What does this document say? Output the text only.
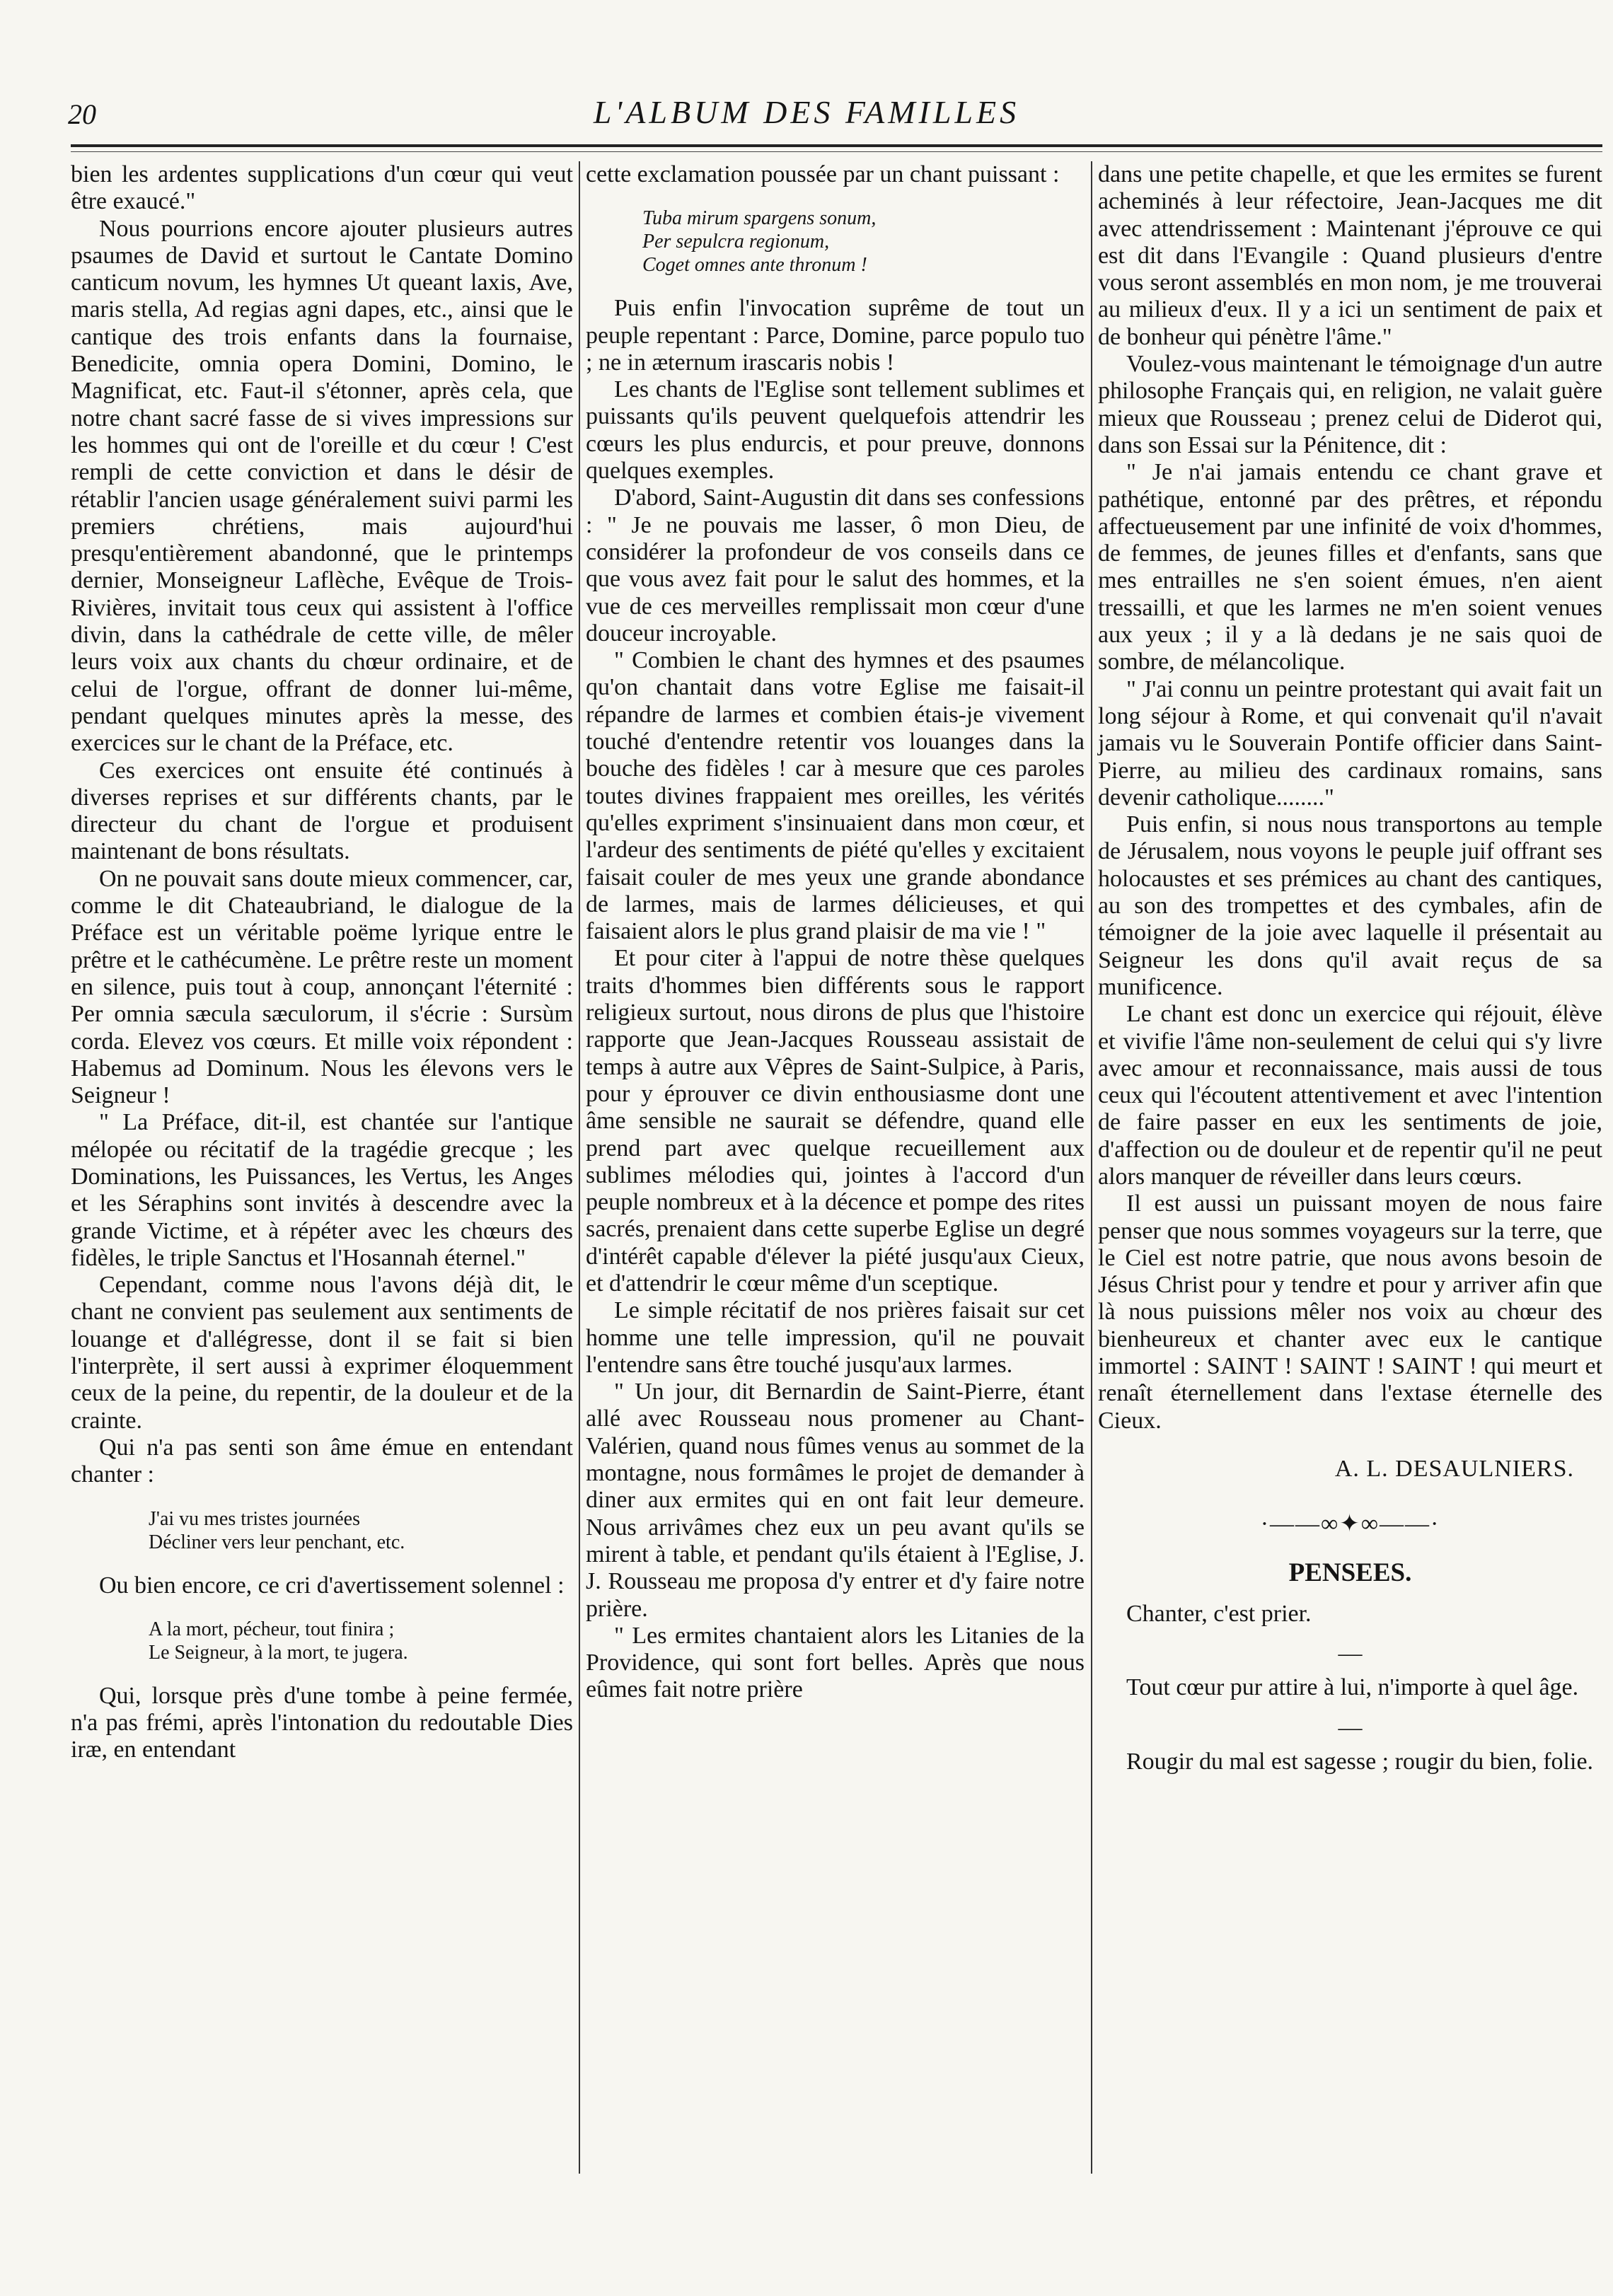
20	L'ALBUM DES FAMILLES

bien les ardentes supplications d'un cœur qui veut être exaucé."

Nous pourrions encore ajouter plusieurs autres psaumes de David et surtout le Cantate Domino canticum novum, les hymnes Ut queant laxis, Ave, maris stella, Ad regias agni dapes, etc., ainsi que le cantique des trois enfants dans la fournaise, Benedicite, omnia opera Domini, Domino, le Magnificat, etc. Faut-il s'étonner, après cela, que notre chant sacré fasse de si vives impressions sur les hommes qui ont de l'oreille et du cœur ! C'est rempli de cette conviction et dans le désir de rétablir l'ancien usage généralement suivi parmi les premiers chrétiens, mais aujourd'hui presqu'entièrement abandonné, que le printemps dernier, Monseigneur Laflèche, Evêque de Trois-Rivières, invitait tous ceux qui assistent à l'office divin, dans la cathédrale de cette ville, de mêler leurs voix aux chants du chœur ordinaire, et de celui de l'orgue, offrant de donner lui-même, pendant quelques minutes après la messe, des exercices sur le chant de la Préface, etc.

Ces exercices ont ensuite été continués à diverses reprises et sur différents chants, par le directeur du chant de l'orgue et produisent maintenant de bons résultats.

On ne pouvait sans doute mieux commencer, car, comme le dit Chateaubriand, le dialogue de la Préface est un véritable poëme lyrique entre le prêtre et le cathécumène. Le prêtre reste un moment en silence, puis tout à coup, annonçant l'éternité : Per omnia sæcula sæculorum, il s'écrie : Sursùm corda. Elevez vos cœurs. Et mille voix répondent : Habemus ad Dominum. Nous les élevons vers le Seigneur !

" La Préface, dit-il, est chantée sur l'antique mélopée ou récitatif de la tragédie grecque ; les Dominations, les Puissances, les Vertus, les Anges et les Séraphins sont invités à descendre avec la grande Victime, et à répéter avec les chœurs des fidèles, le triple Sanctus et l'Hosannah éternel."

Cependant, comme nous l'avons déjà dit, le chant ne convient pas seulement aux sentiments de louange et d'allégresse, dont il se fait si bien l'interprète, il sert aussi à exprimer éloquemment ceux de la peine, du repentir, de la douleur et de la crainte.

Qui n'a pas senti son âme émue en entendant chanter :

J'ai vu mes tristes journées
Décliner vers leur penchant, etc.

Ou bien encore, ce cri d'avertissement solennel :

A la mort, pécheur, tout finira ;
Le Seigneur, à la mort, te jugera.

Qui, lorsque près d'une tombe à peine fermée, n'a pas frémi, après l'intonation du redoutable Dies iræ, en entendant

cette exclamation poussée par un chant puissant :

Tuba mirum spargens sonum,
Per sepulcra regionum,
Coget omnes ante thronum !

Puis enfin l'invocation suprême de tout un peuple repentant : Parce, Domine, parce populo tuo ; ne in æternum irascaris nobis !

Les chants de l'Eglise sont tellement sublimes et puissants qu'ils peuvent quelquefois attendrir les cœurs les plus endurcis, et pour preuve, donnons quelques exemples.

D'abord, Saint-Augustin dit dans ses confessions : " Je ne pouvais me lasser, ô mon Dieu, de considérer la profondeur de vos conseils dans ce que vous avez fait pour le salut des hommes, et la vue de ces merveilles remplissait mon cœur d'une douceur incroyable.

" Combien le chant des hymnes et des psaumes qu'on chantait dans votre Eglise me faisait-il répandre de larmes et combien étais-je vivement touché d'entendre retentir vos louanges dans la bouche des fidèles ! car à mesure que ces paroles toutes divines frappaient mes oreilles, les vérités qu'elles expriment s'insinuaient dans mon cœur, et l'ardeur des sentiments de piété qu'elles y excitaient faisait couler de mes yeux une grande abondance de larmes, mais de larmes délicieuses, et qui faisaient alors le plus grand plaisir de ma vie ! "

Et pour citer à l'appui de notre thèse quelques traits d'hommes bien différents sous le rapport religieux surtout, nous dirons de plus que l'histoire rapporte que Jean-Jacques Rousseau assistait de temps à autre aux Vêpres de Saint-Sulpice, à Paris, pour y éprouver ce divin enthousiasme dont une âme sensible ne saurait se défendre, quand elle prend part avec quelque recueillement aux sublimes mélodies qui, jointes à l'accord d'un peuple nombreux et à la décence et pompe des rites sacrés, prenaient dans cette superbe Eglise un degré d'intérêt capable d'élever la piété jusqu'aux Cieux, et d'attendrir le cœur même d'un sceptique.

Le simple récitatif de nos prières faisait sur cet homme une telle impression, qu'il ne pouvait l'entendre sans être touché jusqu'aux larmes.

" Un jour, dit Bernardin de Saint-Pierre, étant allé avec Rousseau nous promener au Chant-Valérien, quand nous fûmes venus au sommet de la montagne, nous formâmes le projet de demander à diner aux ermites qui en ont fait leur demeure. Nous arrivâmes chez eux un peu avant qu'ils se mirent à table, et pendant qu'ils étaient à l'Eglise, J. J. Rousseau me proposa d'y entrer et d'y faire notre prière.

" Les ermites chantaient alors les Litanies de la Providence, qui sont fort belles. Après que nous eûmes fait notre prière

dans une petite chapelle, et que les ermites se furent acheminés à leur réfectoire, Jean-Jacques me dit avec attendrissement : Maintenant j'éprouve ce qui est dit dans l'Evangile : Quand plusieurs d'entre vous seront assemblés en mon nom, je me trouverai au milieux d'eux. Il y a ici un sentiment de paix et de bonheur qui pénètre l'âme."

Voulez-vous maintenant le témoignage d'un autre philosophe Français qui, en religion, ne valait guère mieux que Rousseau ; prenez celui de Diderot qui, dans son Essai sur la Pénitence, dit :

" Je n'ai jamais entendu ce chant grave et pathétique, entonné par des prêtres, et répondu affectueusement par une infinité de voix d'hommes, de femmes, de jeunes filles et d'enfants, sans que mes entrailles ne s'en soient émues, n'en aient tressailli, et que les larmes ne m'en soient venues aux yeux ; il y a là dedans je ne sais quoi de sombre, de mélancolique.

" J'ai connu un peintre protestant qui avait fait un long séjour à Rome, et qui convenait qu'il n'avait jamais vu le Souverain Pontife officier dans Saint-Pierre, au milieu des cardinaux romains, sans devenir catholique........"

Puis enfin, si nous nous transportons au temple de Jérusalem, nous voyons le peuple juif offrant ses holocaustes et ses prémices au chant des cantiques, au son des trompettes et des cymbales, afin de témoigner de la joie avec laquelle il présentait au Seigneur les dons qu'il avait reçus de sa munificence.

Le chant est donc un exercice qui réjouit, élève et vivifie l'âme non-seulement de celui qui s'y livre avec amour et reconnaissance, mais aussi de tous ceux qui l'écoutent attentivement et avec l'intention de faire passer en eux les sentiments de joie, d'affection ou de douleur et de repentir qu'il ne peut alors manquer de réveiller dans leurs cœurs.

Il est aussi un puissant moyen de nous faire penser que nous sommes voyageurs sur la terre, que le Ciel est notre patrie, que nous avons besoin de Jésus Christ pour y tendre et pour y arriver afin que là nous puissions mêler nos voix au chœur des bienheureux et chanter avec eux le cantique immortel : SAINT ! SAINT ! SAINT ! qui meurt et renaît éternellement dans l'extase éternelle des Cieux.

A. L. DESAULNIERS.

·——∞✦∞——·
PENSEES.

Chanter, c'est prier.

—

Tout cœur pur attire à lui, n'importe à quel âge.

—

Rougir du mal est sagesse ; rougir du bien, folie.
